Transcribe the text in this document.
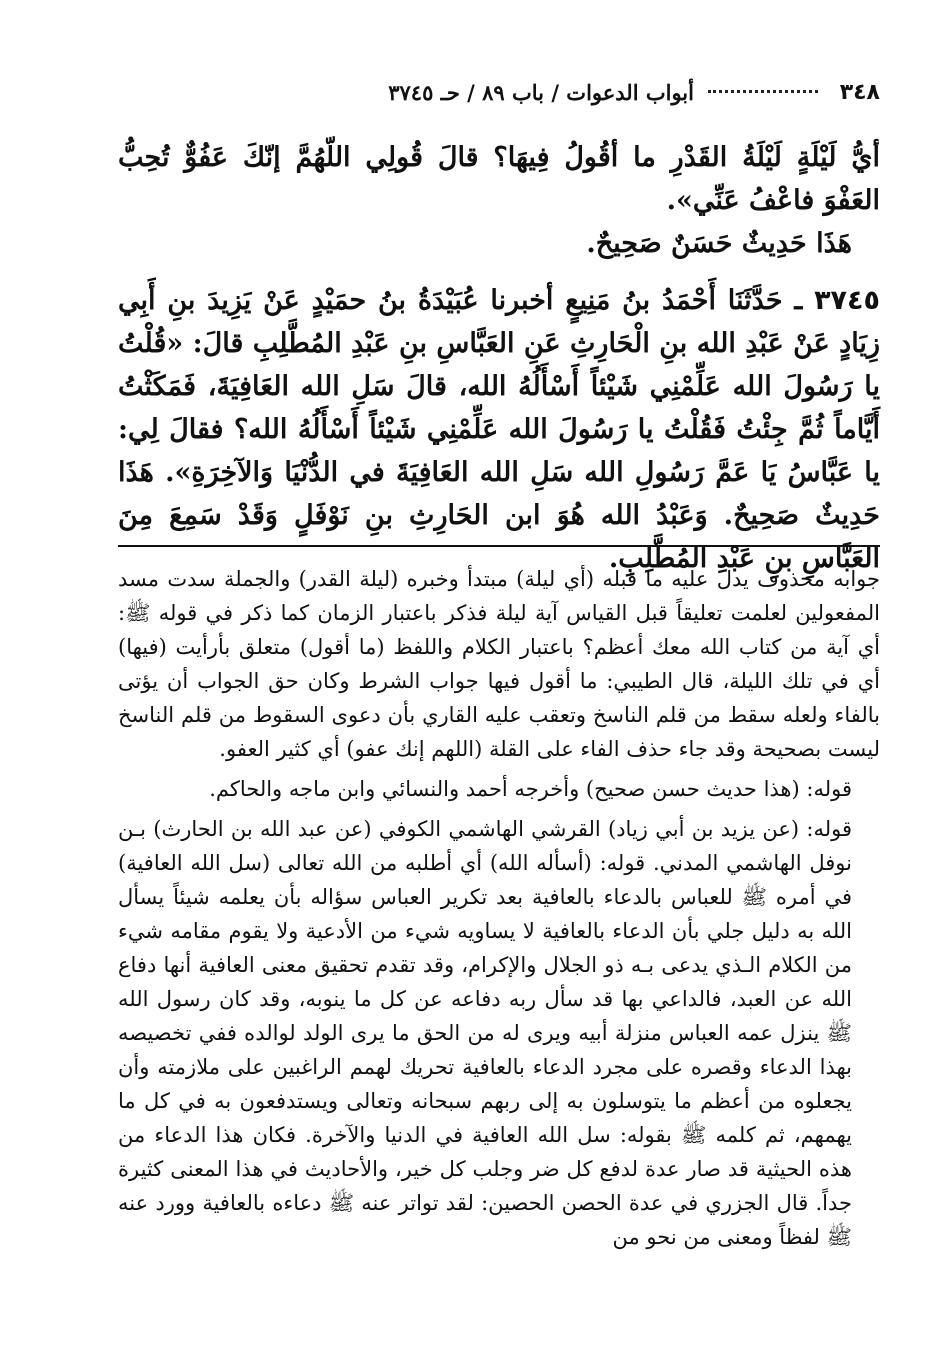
٣٤٨
أبواب الدعوات / باب ٨٩ / حـ ٣٧٤٥

أيُّ لَيْلَةٍ لَيْلَةُ القَدْرِ ما أقُولُ فِيهَا؟ قالَ قُولِي اللّهُمَّ إنّكَ عَفُوٌّ تُحِبُّ العَفْوَ فاعْفُ عَنِّي».

هَذَا حَدِيثٌ حَسَنٌ صَحِيحٌ.

٣٧٤٥ ـ حَدَّثَنَا أَحْمَدُ بنُ مَنِيعٍ أخبرنا عُبَيْدَةُ بنُ حمَيْدٍ عَنْ يَزِيدَ بنِ أَبِي زِيَادٍ عَنْ عَبْدِ الله بنِ الْحَارِثِ عَنِ العَبَّاسِ بنِ عَبْدِ المُطَّلِبِ قالَ: «قُلْتُ يا رَسُولَ الله عَلِّمْنِي شَيْئاً أَسْأَلُهُ الله، قالَ سَلِ الله العَافِيَةَ، فَمَكَثْتُ أَيَّاماً ثُمَّ جِئْتُ فَقُلْتُ يا رَسُولَ الله عَلِّمْنِي شَيْئاً أَسْأَلُهُ الله؟ فقالَ لِي: يا عَبَّاسُ يَا عَمَّ رَسُولِ الله سَلِ الله العَافِيَةَ في الدُّنْيَا وَالآخِرَةِ». هَذَا حَدِيثٌ صَحِيحٌ. وَعَبْدُ الله هُوَ ابن الحَارِثِ بنِ نَوْفَلٍ وَقَدْ سَمِعَ مِنَ العَبَّاسِ بنِ عَبْدِ المُطَّلِبِ.

جوابه محذوف يدل عليه ما قبله (أي ليلة) مبتدأ وخبره (ليلة القدر) والجملة سدت مسد المفعولين لعلمت تعليقاً قبل القياس آية ليلة فذكر باعتبار الزمان كما ذكر في قوله ﷺ: أي آية من كتاب الله معك أعظم؟ باعتبار الكلام واللفظ (ما أقول) متعلق بأرأيت (فيها) أي في تلك الليلة، قال الطيبي: ما أقول فيها جواب الشرط وكان حق الجواب أن يؤتى بالفاء ولعله سقط من قلم الناسخ وتعقب عليه القاري بأن دعوى السقوط من قلم الناسخ ليست بصحيحة وقد جاء حذف الفاء على القلة (اللهم إنك عفو) أي كثير العفو.

قوله: (هذا حديث حسن صحيح) وأخرجه أحمد والنسائي وابن ماجه والحاكم.

قوله: (عن يزيد بن أبي زياد) القرشي الهاشمي الكوفي (عن عبد الله بن الحارث) بـن نوفل الهاشمي المدني. قوله: (أسأله الله) أي أطلبه من الله تعالى (سل الله العافية) في أمره ﷺ للعباس بالدعاء بالعافية بعد تكرير العباس سؤاله بأن يعلمه شيئاً يسأل الله به دليل جلي بأن الدعاء بالعافية لا يساويه شيء من الأدعية ولا يقوم مقامه شيء من الكلام الـذي يدعى بـه ذو الجلال والإكرام، وقد تقدم تحقيق معنى العافية أنها دفاع الله عن العبد، فالداعي بها قد سأل ربه دفاعه عن كل ما ينوبه، وقد كان رسول الله ﷺ ينزل عمه العباس منزلة أبيه ويرى له من الحق ما يرى الولد لوالده ففي تخصيصه بهذا الدعاء وقصره على مجرد الدعاء بالعافية تحريك لهمم الراغبين على ملازمته وأن يجعلوه من أعظم ما يتوسلون به إلى ربهم سبحانه وتعالى ويستدفعون به في كل ما يهمهم، ثم كلمه ﷺ بقوله: سل الله العافية في الدنيا والآخرة. فكان هذا الدعاء من هذه الحيثية قد صار عدة لدفع كل ضر وجلب كل خير، والأحاديث في هذا المعنى كثيرة جداً. قال الجزري في عدة الحصن الحصين: لقد تواتر عنه ﷺ دعاءه بالعافية وورد عنه ﷺ لفظاً ومعنى من نحو من
